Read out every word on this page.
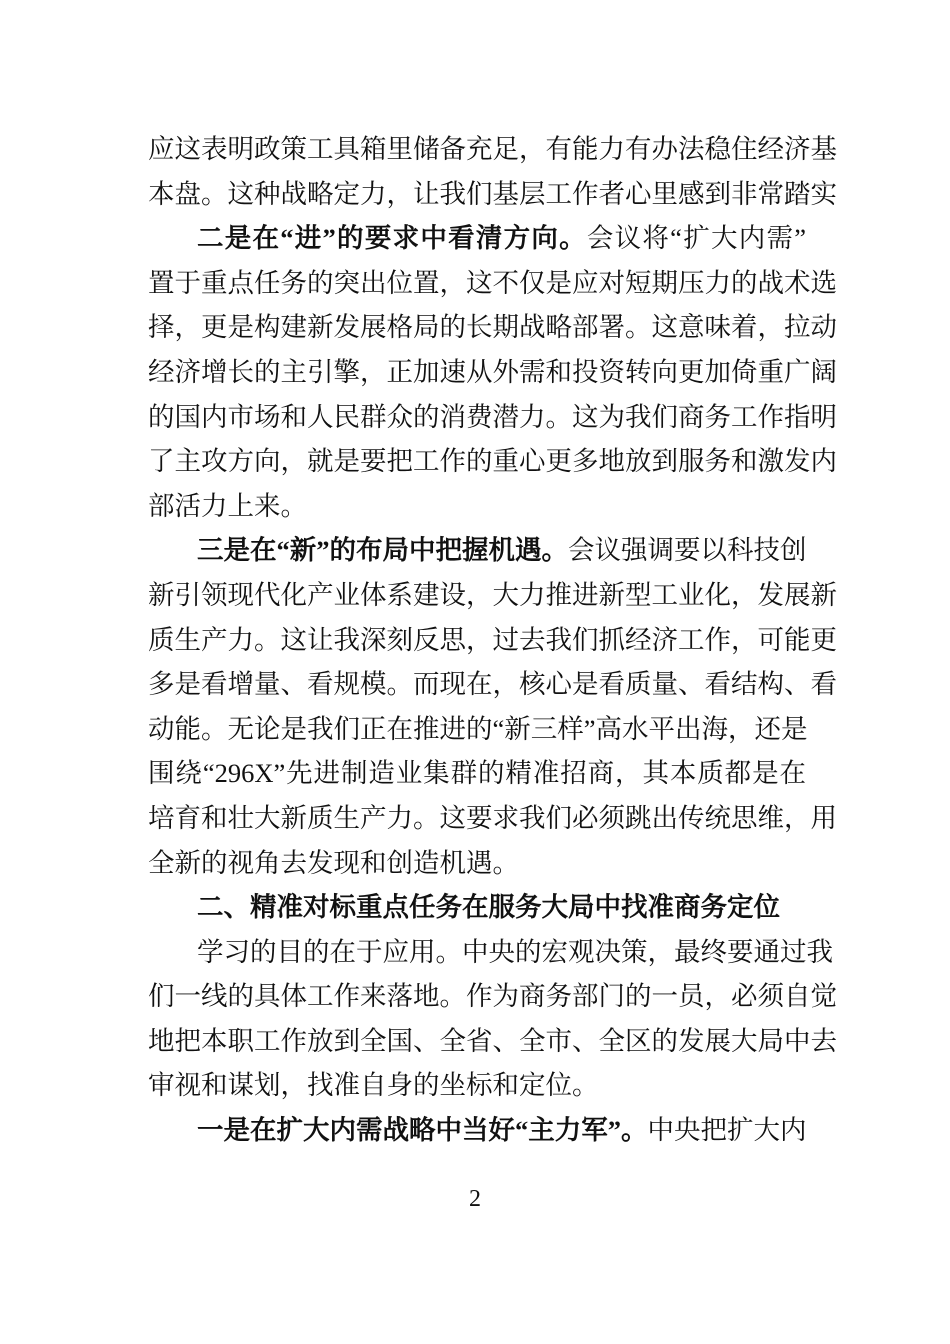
应这表明政策工具箱里储备充足，有能力有办法稳住经济基
本盘。这种战略定力，让我们基层工作者心里感到非常踏实
二是在“进”的要求中看清方向。会议将“扩大内需”
置于重点任务的突出位置，这不仅是应对短期压力的战术选
择，更是构建新发展格局的长期战略部署。这意味着，拉动
经济增长的主引擎，正加速从外需和投资转向更加倚重广阔
的国内市场和人民群众的消费潜力。这为我们商务工作指明
了主攻方向，就是要把工作的重心更多地放到服务和激发内
部活力上来。
三是在“新”的布局中把握机遇。会议强调要以科技创
新引领现代化产业体系建设，大力推进新型工业化，发展新
质生产力。这让我深刻反思，过去我们抓经济工作，可能更
多是看增量、看规模。而现在，核心是看质量、看结构、看
动能。无论是我们正在推进的“新三样”高水平出海，还是
围绕“296X”先进制造业集群的精准招商，其本质都是在
培育和壮大新质生产力。这要求我们必须跳出传统思维，用
全新的视角去发现和创造机遇。
二、精准对标重点任务在服务大局中找准商务定位
学习的目的在于应用。中央的宏观决策，最终要通过我
们一线的具体工作来落地。作为商务部门的一员，必须自觉
地把本职工作放到全国、全省、全市、全区的发展大局中去
审视和谋划，找准自身的坐标和定位。
一是在扩大内需战略中当好“主力军”。中央把扩大内
2
